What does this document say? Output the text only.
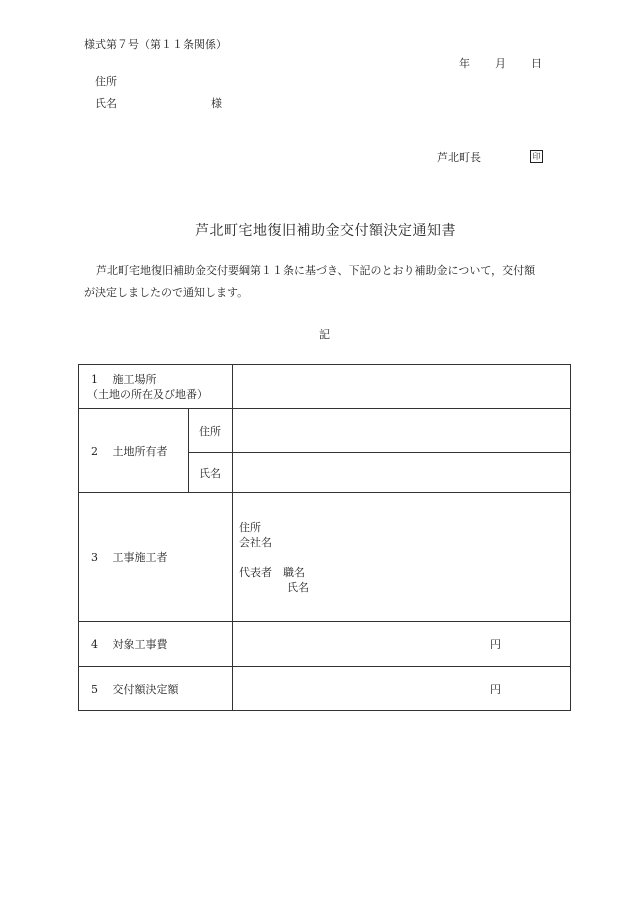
様式第７号（第１１条関係）
年 月 日
住所
氏名	様
芦北町長	印
芦北町宅地復旧補助金交付額決定通知書
芦北町宅地復旧補助金交付要綱第１１条に基づき、下記のとおり補助金について，交付額
が決定しましたので通知します。
記
1　 施工場所
（土地の所在及び地番）		

2　 土地所有者	住所	
	氏名	
3　 工事施工者		住所
会社名
代表者　職名
氏名

4　 対象工事費		円

5　 交付額決定額		円
